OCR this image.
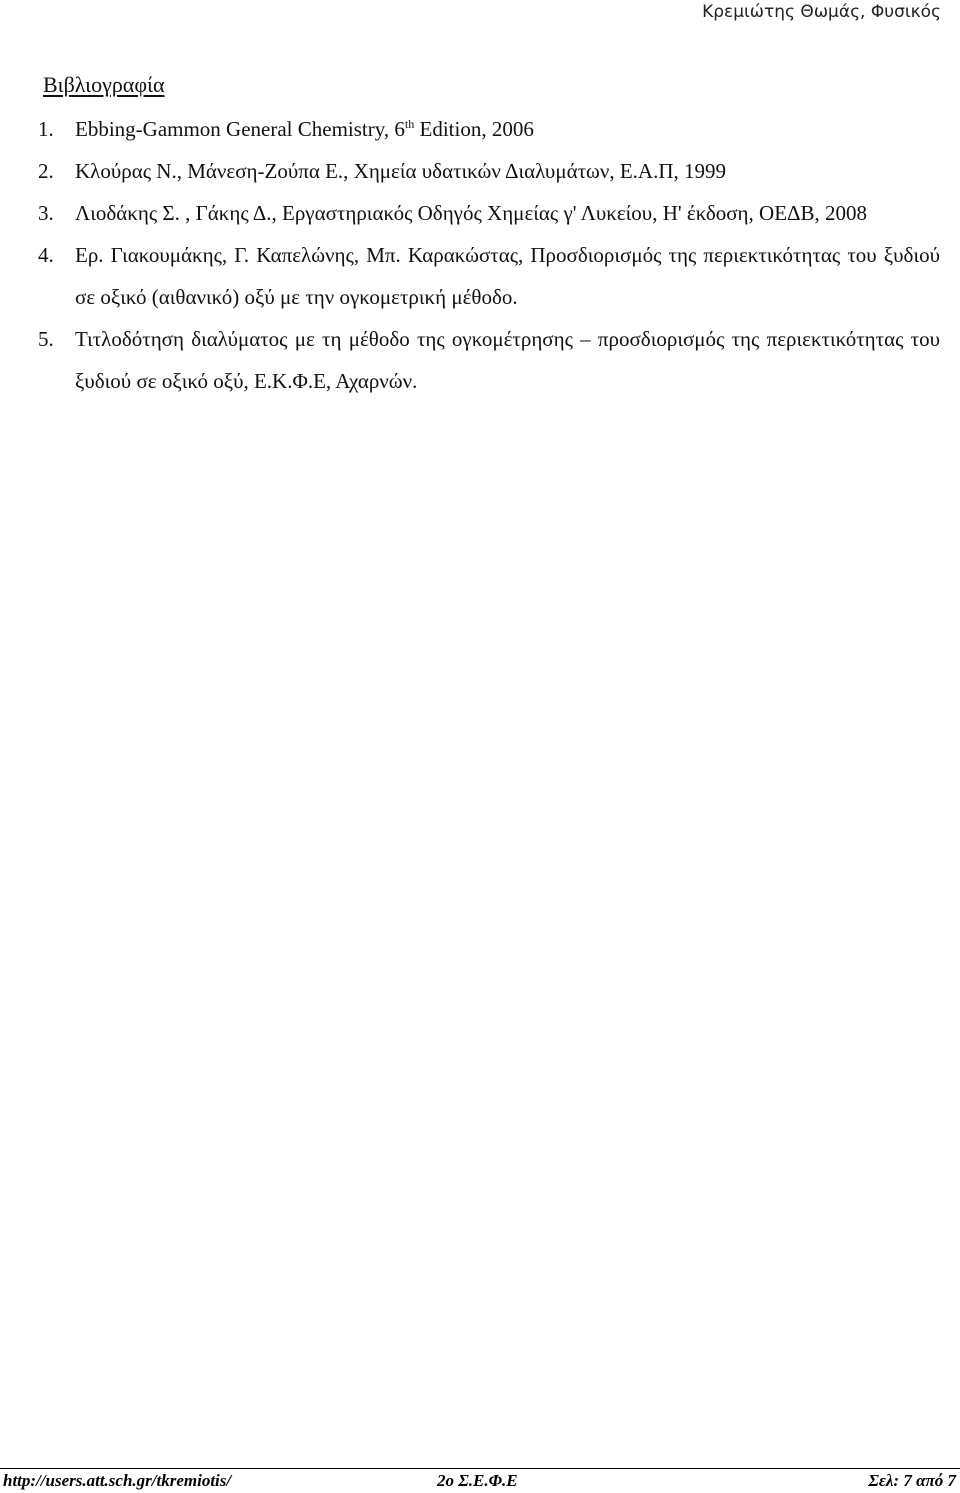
Κρεμιώτης Θωμάς, Φυσικός
Βιβλιογραφία
1.	Ebbing-Gammon General Chemistry, 6th Edition, 2006
2.	Κλούρας Ν., Μάνεση-Ζούπα Ε., Χημεία υδατικών Διαλυμάτων, Ε.Α.Π, 1999
3.	Λιοδάκης Σ. , Γάκης Δ., Εργαστηριακός Οδηγός Χημείας γ' Λυκείου, Η' έκδοση, ΟΕΔΒ, 2008
4.	Ερ. Γιακουμάκης, Γ. Καπελώνης, Μπ. Καρακώστας, Προσδιορισμός της περιεκτικότητας του ξυδιού σε οξικό (αιθανικό) οξύ με την ογκομετρική μέθοδο.
5.	Τιτλοδότηση διαλύματος με τη μέθοδο της ογκομέτρησης – προσδιορισμός της περιεκτικότητας του ξυδιού σε οξικό οξύ, Ε.Κ.Φ.Ε, Αχαρνών.
http://users.att.sch.gr/tkremiotis/	2ο Σ.Ε.Φ.Ε	Σελ: 7 από 7
